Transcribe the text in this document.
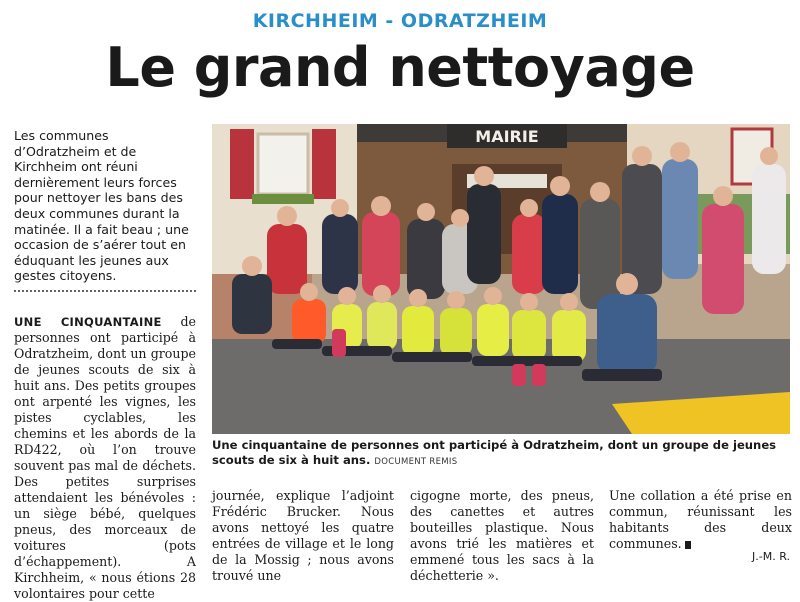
KIRCHHEIM - ODRATZHEIM
Le grand nettoyage
Les communes d’Odratzheim et de Kirchheim ont réuni dernièrement leurs forces pour nettoyer les bans des deux communes durant la matinée. Il a fait beau ; une occasion de s’aérer tout en éduquant les jeunes aux gestes citoyens.

UNE CINQUANTAINE de personnes ont participé à Odratzheim, dont un groupe de jeunes scouts de six à huit ans. Des petits groupes ont arpenté les vignes, les pistes cyclables, les chemins et les abords de la RD422, où l’on trouve souvent pas mal de déchets. Des petites surprises attendaient les bénévoles : un siège bébé, quelques pneus, des morceaux de voitures (pots d’échappement). A Kirchheim, « nous étions 28 volontaires pour cette

MAIRIE
Une cinquantaine de personnes ont participé à Odratzheim, dont un groupe de jeunes scouts de six à huit ans. DOCUMENT REMIS

journée, explique l’adjoint Frédéric Brucker. Nous avons nettoyé les quatre entrées de village et le long de la Mossig ; nous avons trouvé une

cigogne morte, des pneus, des canettes et autres bouteilles plastique. Nous avons trié les matières et emmené tous les sacs à la déchetterie ».

Une collation a été prise en commun, réunissant les habitants des deux communes.

J.-M. R.
